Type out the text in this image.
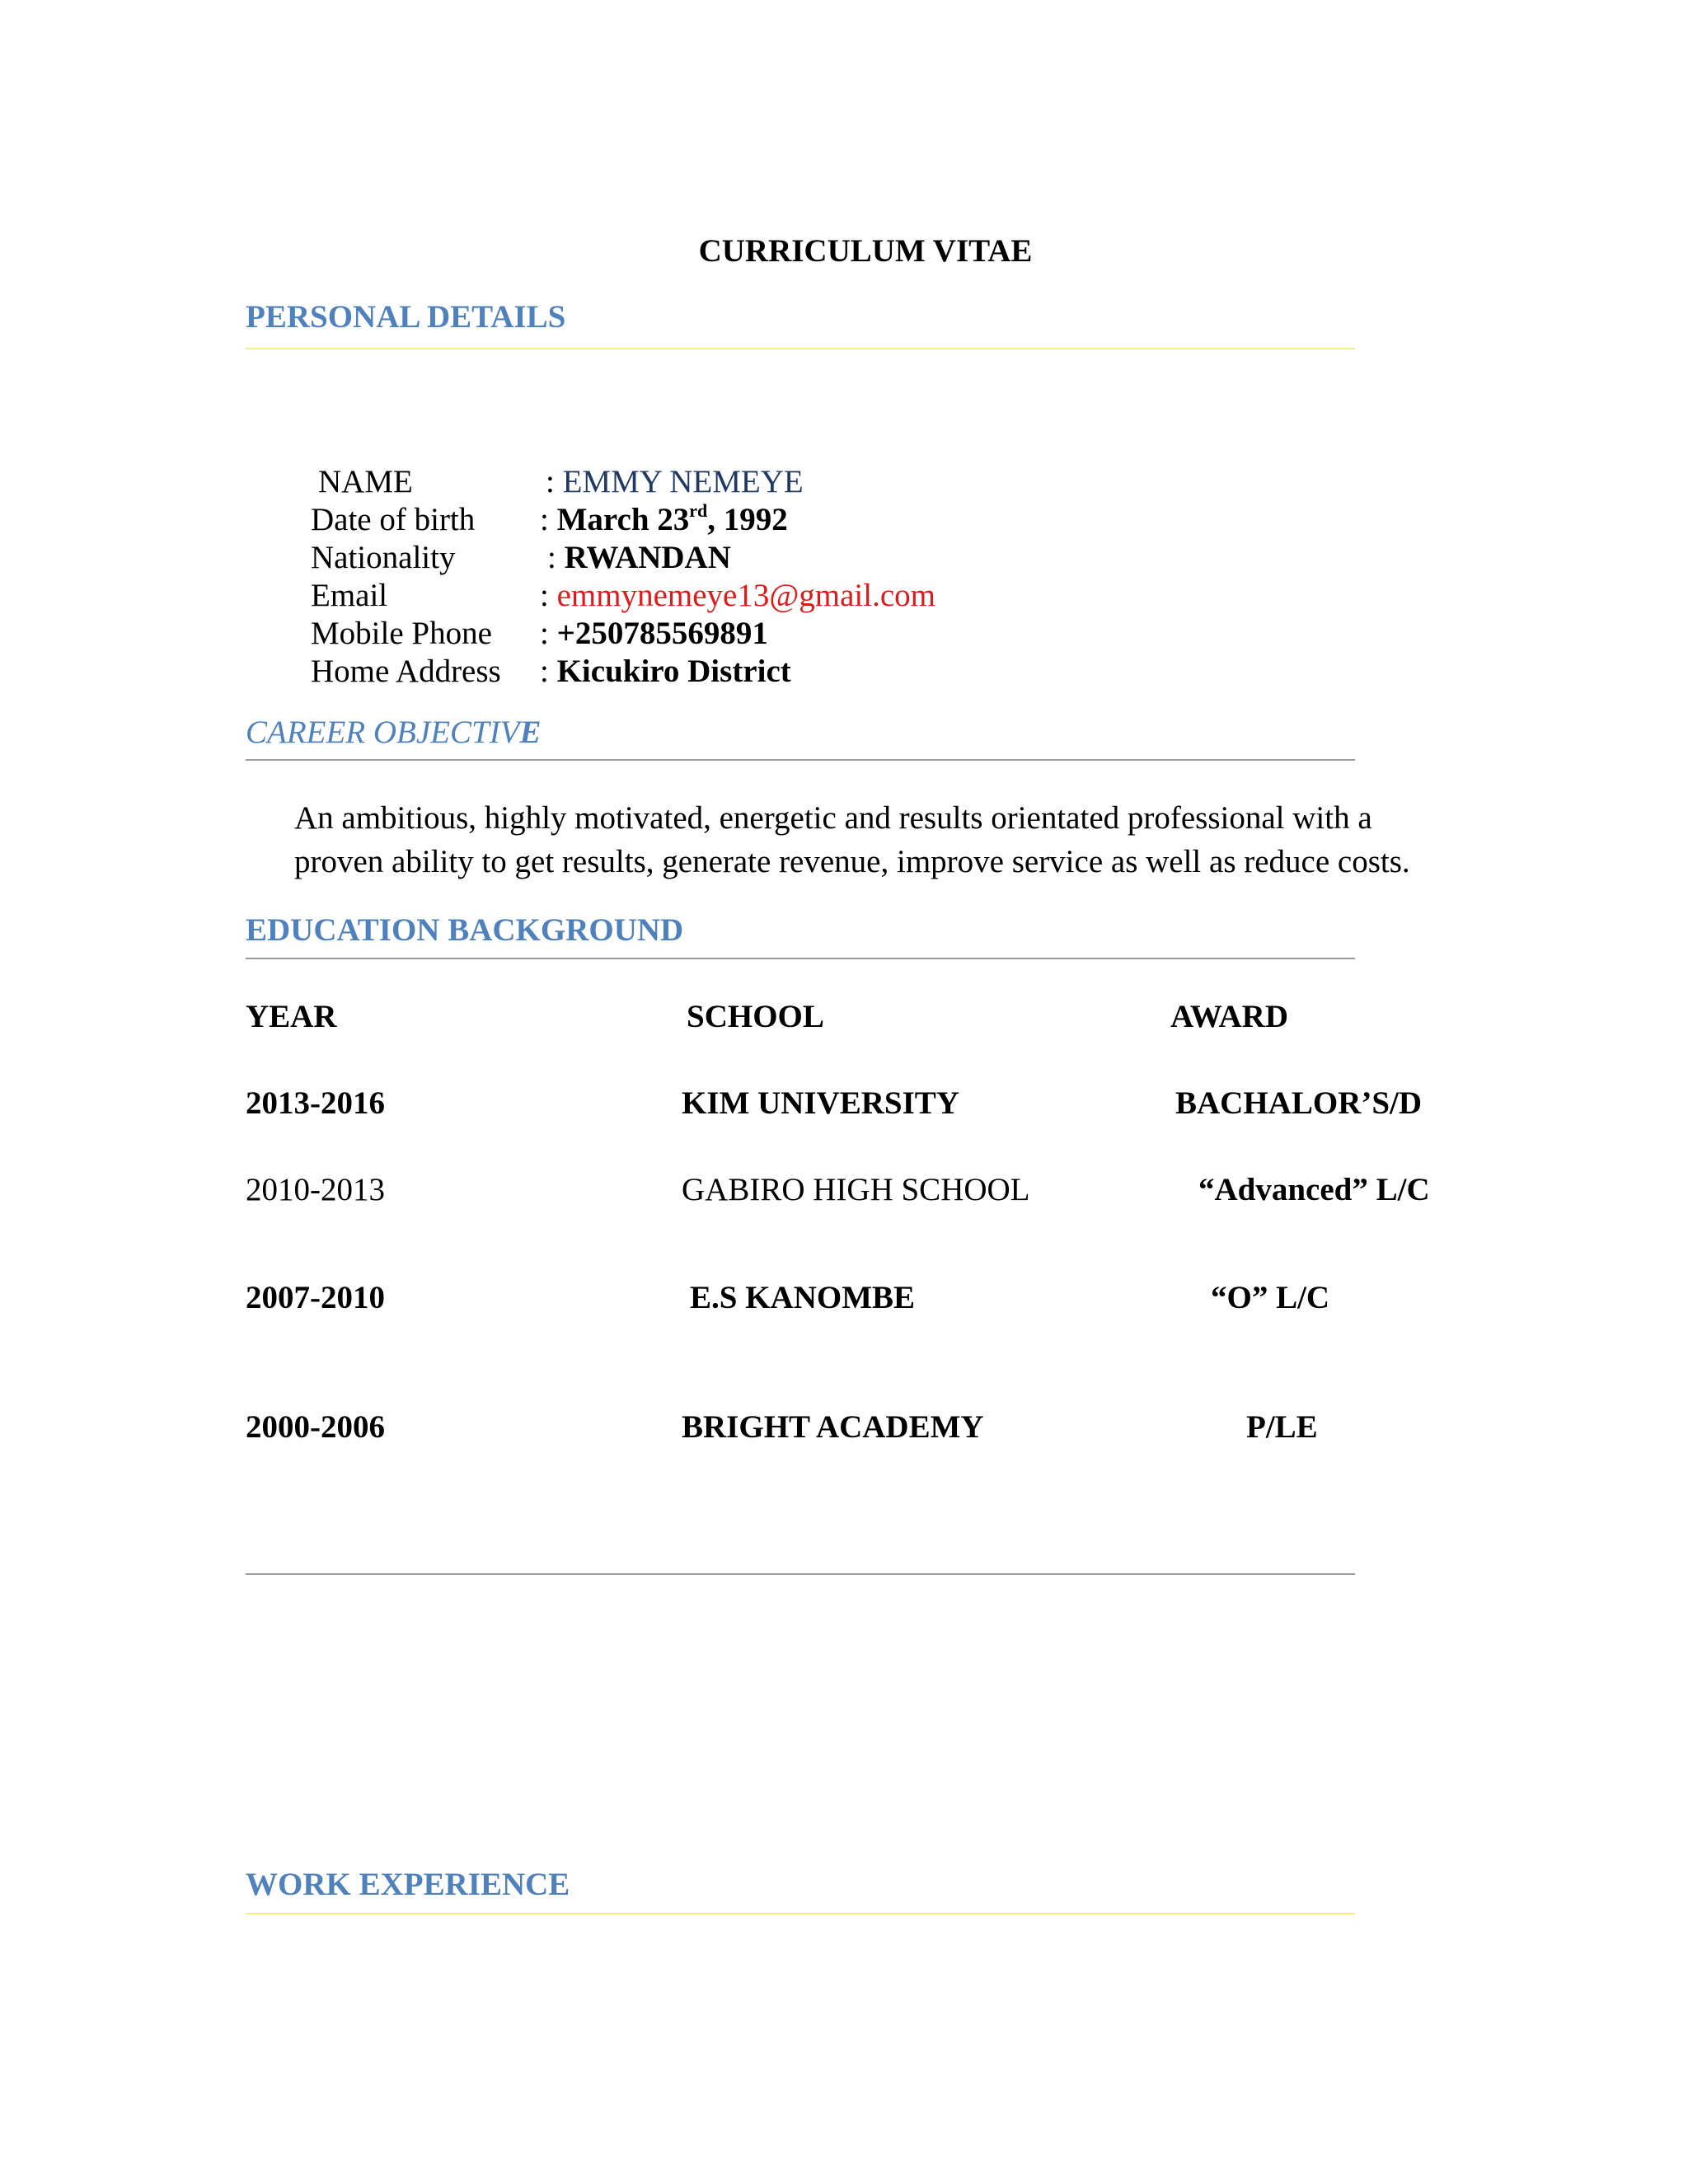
CURRICULUM VITAE
PERSONAL DETAILS
NAME	: EMMY NEMEYE
Date of birth : March 23rd, 1992
Nationality	: RWANDAN
Email	: emmynemeye13@gmail.com
Mobile Phone : +250785569891
Home Address : Kicukiro District
CAREER OBJECTIVE
An ambitious, highly motivated, energetic and results orientated professional with a proven ability to get results, generate revenue, improve service as well as reduce costs.
EDUCATION BACKGROUND
YEAR	SCHOOL	AWARD
2013-2016	KIM UNIVERSITY	BACHALOR’S/D
2010-2013	GABIRO HIGH SCHOOL	“Advanced” L/C
2007-2010	E.S KANOMBE	“O” L/C
2000-2006	BRIGHT ACADEMY	P/LE
WORK EXPERIENCE
